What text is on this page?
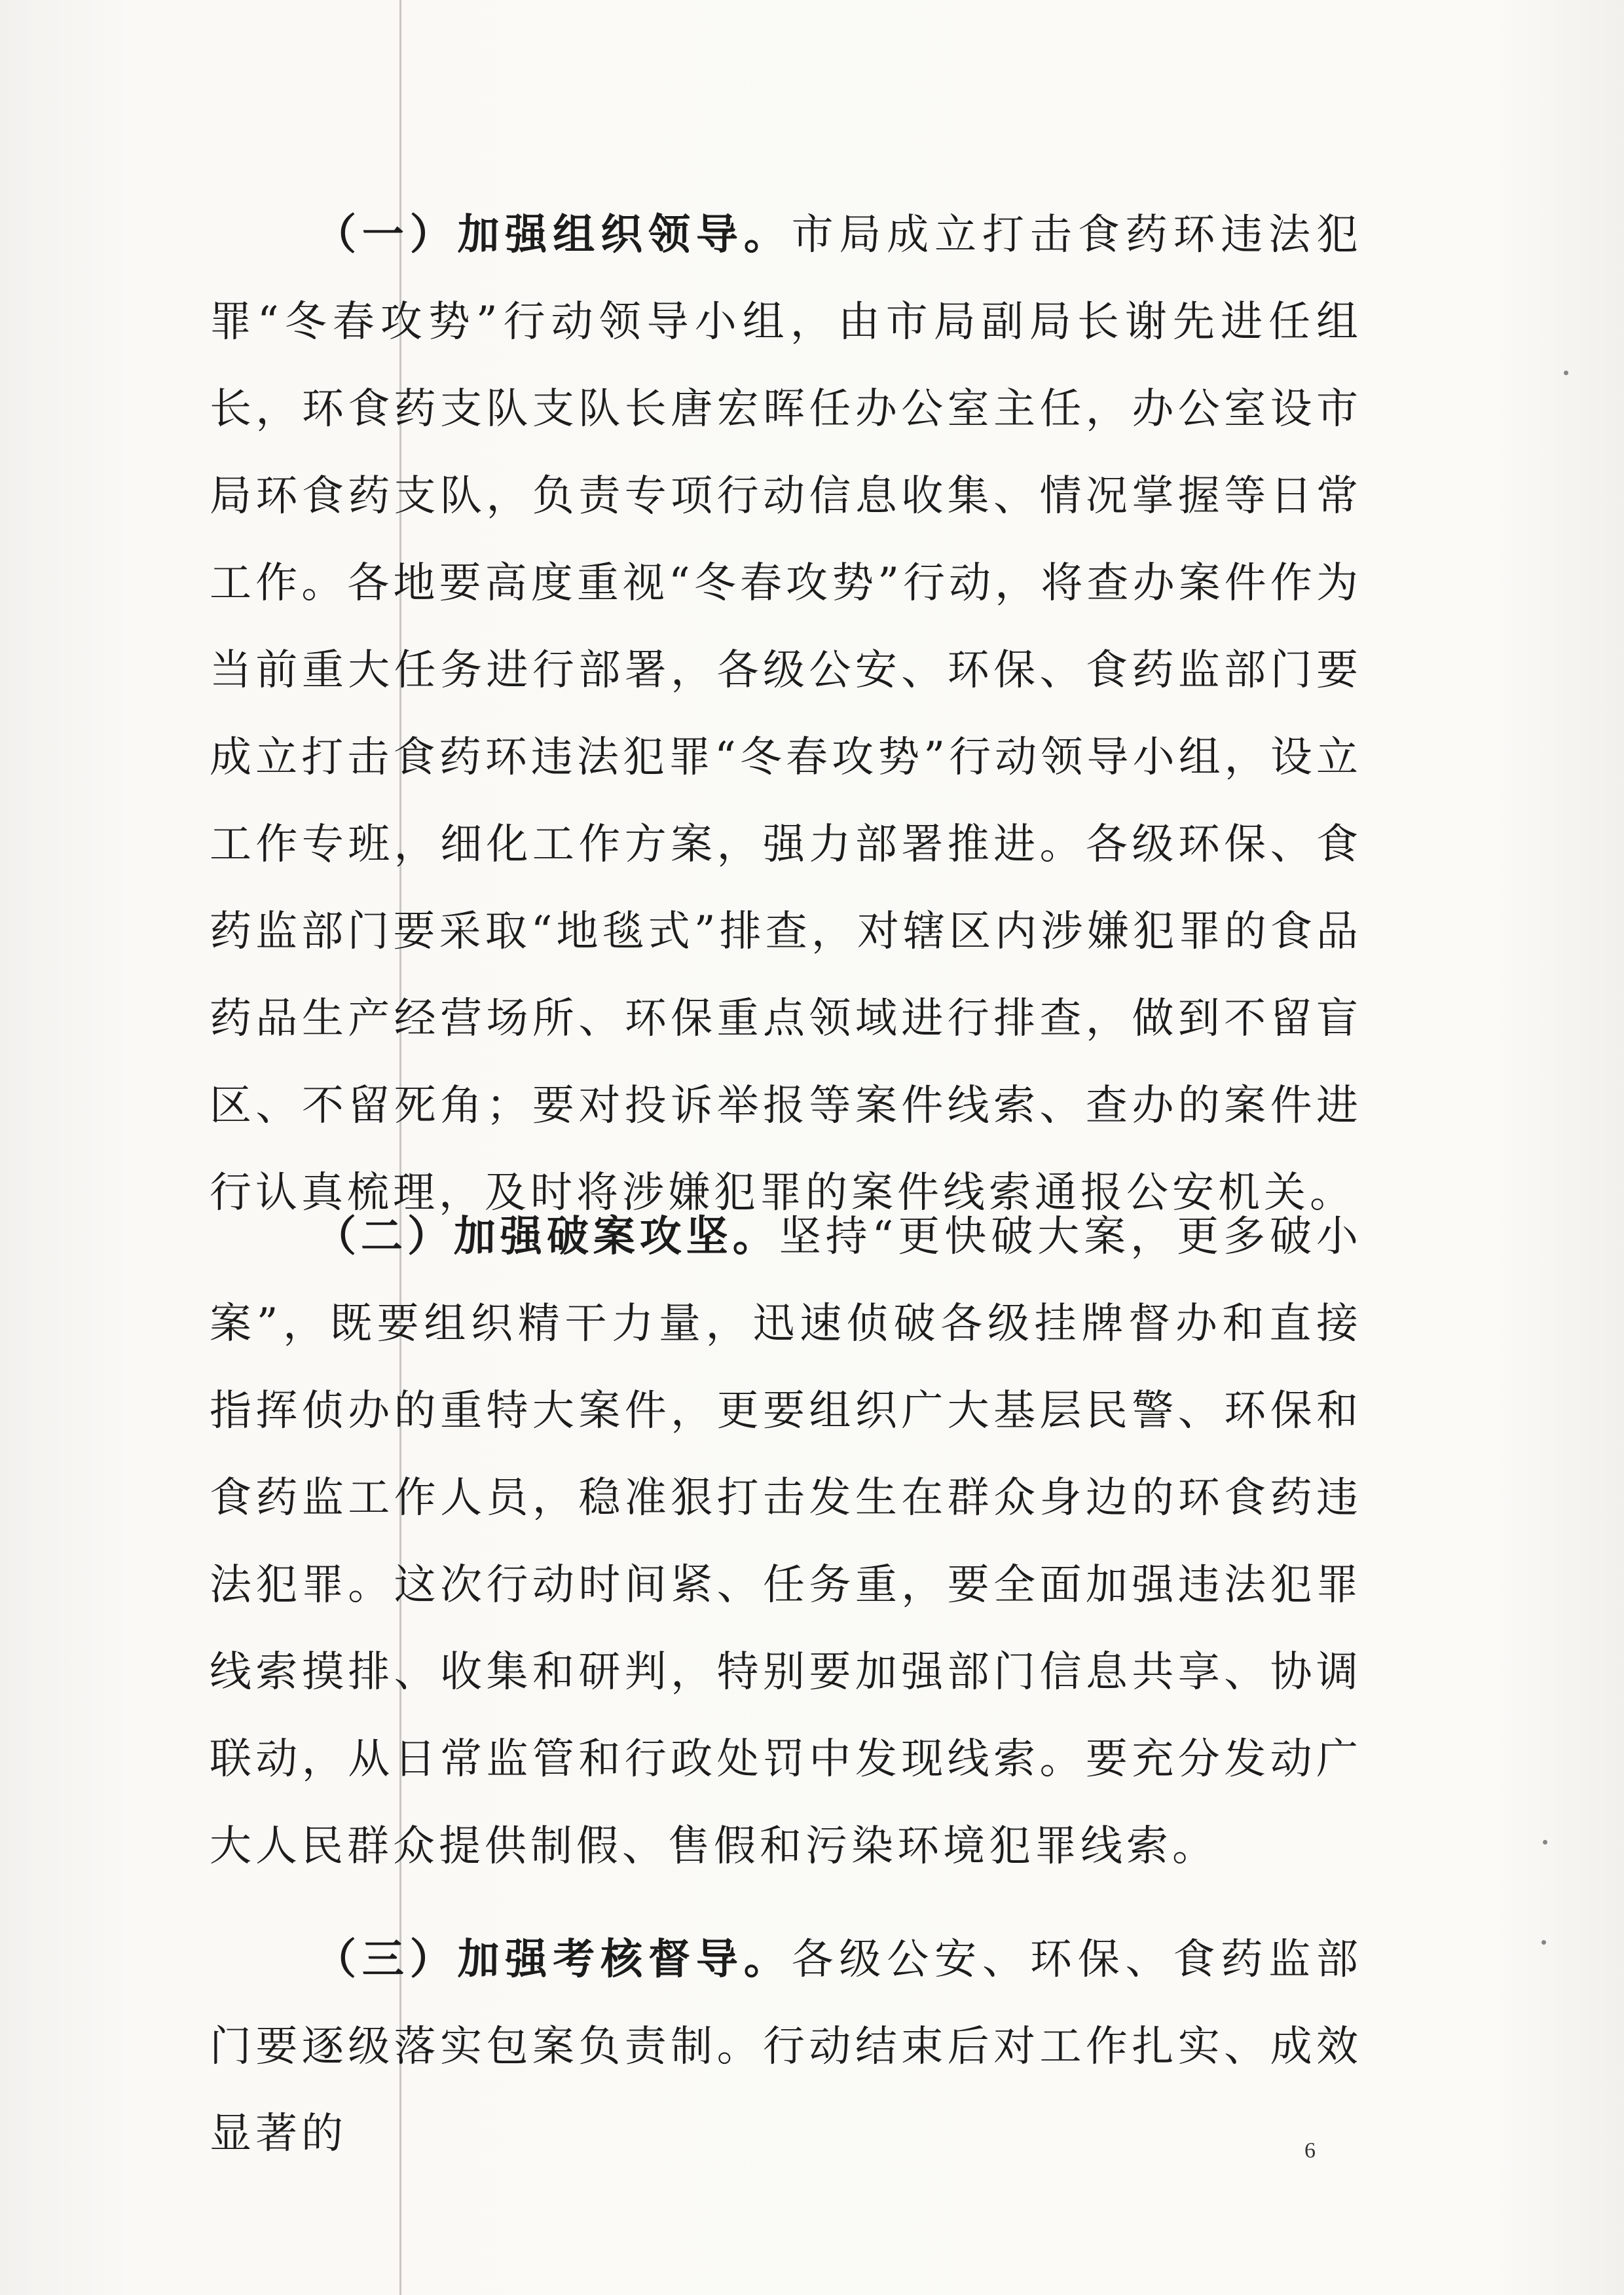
（一）加强组织领导。市局成立打击食药环违法犯罪“冬春攻势”行动领导小组，由市局副局长谢先进任组长，环食药支队支队长唐宏晖任办公室主任，办公室设市局环食药支队，负责专项行动信息收集、情况掌握等日常工作。各地要高度重视“冬春攻势”行动，将查办案件作为当前重大任务进行部署，各级公安、环保、食药监部门要成立打击食药环违法犯罪“冬春攻势”行动领导小组，设立工作专班，细化工作方案，强力部署推进。各级环保、食药监部门要采取“地毯式”排查，对辖区内涉嫌犯罪的食品药品生产经营场所、环保重点领域进行排查，做到不留盲区、不留死角；要对投诉举报等案件线索、查办的案件进行认真梳理，及时将涉嫌犯罪的案件线索通报公安机关。

（二）加强破案攻坚。坚持“更快破大案，更多破小案”，既要组织精干力量，迅速侦破各级挂牌督办和直接指挥侦办的重特大案件，更要组织广大基层民警、环保和食药监工作人员，稳准狠打击发生在群众身边的环食药违法犯罪。这次行动时间紧、任务重，要全面加强违法犯罪线索摸排、收集和研判，特别要加强部门信息共享、协调联动，从日常监管和行政处罚中发现线索。要充分发动广大人民群众提供制假、售假和污染环境犯罪线索。

（三）加强考核督导。各级公安、环保、食药监部门要逐级落实包案负责制。行动结束后对工作扎实、成效显著的	6
